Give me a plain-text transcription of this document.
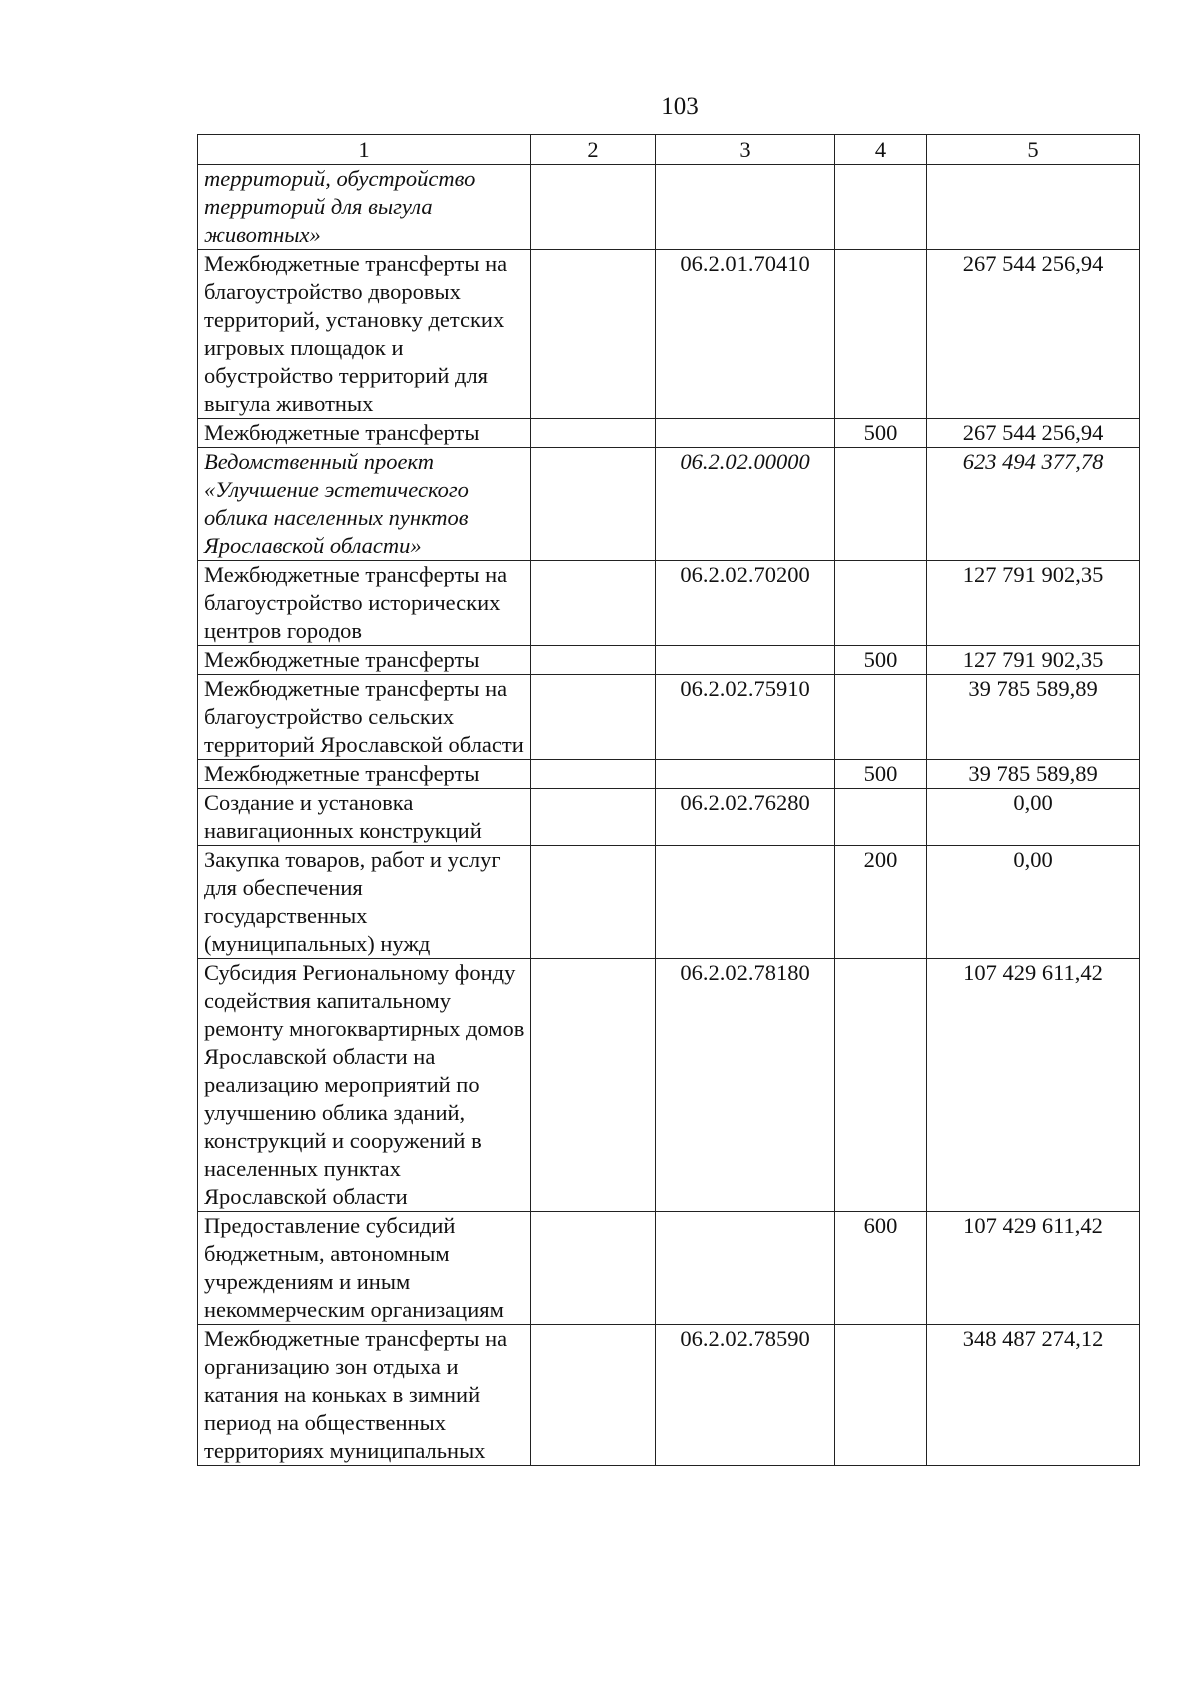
103
1	2	3	4	5
территорий, обустройство территорий для выгула животных»				
Межбюджетные трансферты на благоустройство дворовых территорий, установку детских игровых площадок и обустройство территорий для выгула животных		06.2.01.70410		267 544 256,94
Межбюджетные трансферты			500	267 544 256,94
Ведомственный проект «Улучшение эстетического облика населенных пунктов Ярославской области»		06.2.02.00000		623 494 377,78
Межбюджетные трансферты на благоустройство исторических центров городов		06.2.02.70200		127 791 902,35
Межбюджетные трансферты			500	127 791 902,35
Межбюджетные трансферты на благоустройство сельских территорий Ярославской области		06.2.02.75910		39 785 589,89
Межбюджетные трансферты			500	39 785 589,89
Создание и установка навигационных конструкций		06.2.02.76280		0,00
Закупка товаров, работ и услуг для обеспечения государственных (муниципальных) нужд			200	0,00
Субсидия Региональному фонду содействия капитальному ремонту многоквартирных домов Ярославской области на реализацию мероприятий по улучшению облика зданий, конструкций и сооружений в населенных пунктах Ярославской области		06.2.02.78180		107 429 611,42
Предоставление субсидий бюджетным, автономным учреждениям и иным некоммерческим организациям			600	107 429 611,42
Межбюджетные трансферты на организацию зон отдыха и катания на коньках в зимний период на общественных территориях муниципальных		06.2.02.78590		348 487 274,12
